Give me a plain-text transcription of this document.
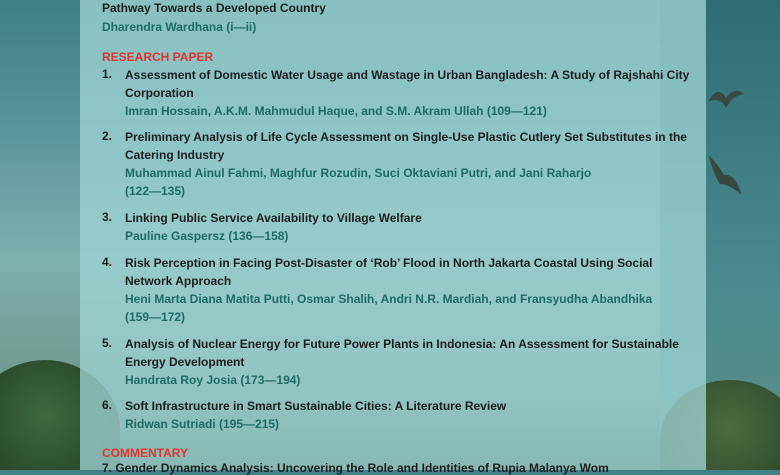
Pathway Towards a Developed Country
Dharendra Wardhana (i—ii)
RESEARCH PAPER
1.	Assessment of Domestic Water Usage and Wastage in Urban Bangladesh: A Study of Rajshahi City Corporation
Imran Hossain, A.K.M. Mahmudul Haque, and S.M. Akram Ullah (109—121)
2.	Preliminary Analysis of Life Cycle Assessment on Single-Use Plastic Cutlery Set Substitutes in the Catering Industry
Muhammad Ainul Fahmi, Maghfur Rozudin, Suci Oktaviani Putri, and Jani Raharjo (122—135)
3.	Linking Public Service Availability to Village Welfare
Pauline Gaspersz (136—158)
4.	Risk Perception in Facing Post-Disaster of ‘Rob’ Flood in North Jakarta Coastal Using Social Network Approach
Heni Marta Diana Matita Putti, Osmar Shalih, Andri N.R. Mardiah, and Fransyudha Abandhika (159—172)
5.	Analysis of Nuclear Energy for Future Power Plants in Indonesia: An Assessment for Sustainable Energy Development
Handrata Roy Josia (173—194)
6.	Soft Infrastructure in Smart Sustainable Cities: A Literature Review
Ridwan Sutriadi (195—215)
COMMENTARY
7. Gender Dynamics Analysis: Uncovering the Role and Identities of Rupia Malanya Wom
